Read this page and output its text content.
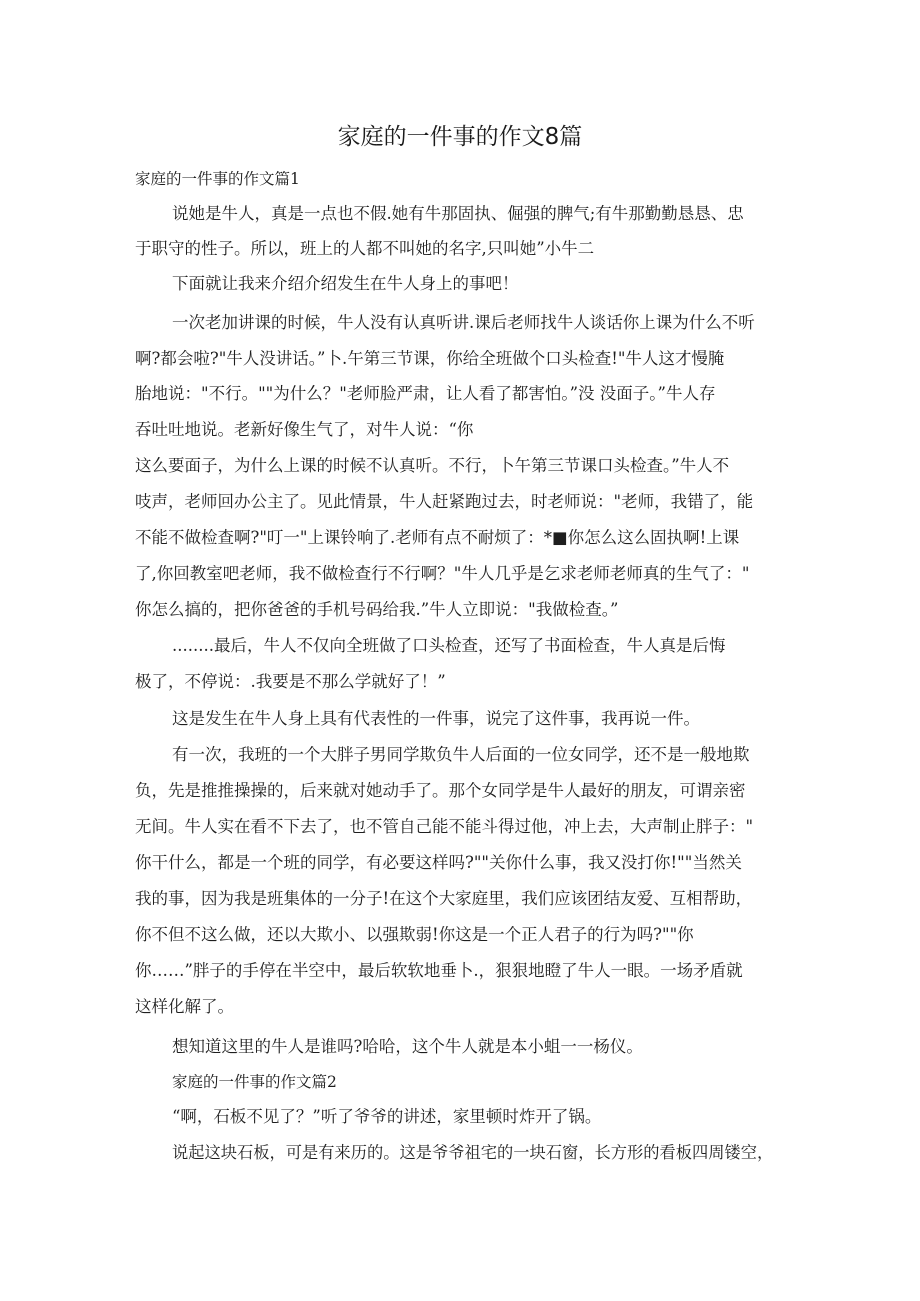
家庭的一件事的作文8篇

家庭的一件事的作文篇1

说她是牛人，真是一点也不假.她有牛那固执、倔强的脾气;有牛那勤勤恳恳、忠

于职守的性子。所以，班上的人都不叫她的名字,只叫她”小牛二

下面就让我来介绍介绍发生在牛人身上的事吧！

一次老加讲课的时候，牛人没有认真听讲.课后老师找牛人谈话你上课为什么不听

啊?都会啦?"牛人没讲话。”卜.午第三节课，你给全班做个口头检查!"牛人这才慢腌

胎地说："不行。""为什么？"老师脸严肃，让人看了都害怕。”没 没面子。”牛人存

吞吐吐地说。老新好像生气了，对牛人说：“你

这么要面子，为什么上课的时候不认真听。不行，卜午第三节课口头检查。”牛人不

吱声，老师回办公主了。见此情景，牛人赶紧跑过去，时老师说："老师，我错了，能

不能不做检查啊?"叮一"上课铃响了.老师有点不耐烦了：*■你怎么这么固执啊!上课

了,你回教室吧老师，我不做检查行不行啊？"牛人几乎是乞求老师老师真的生气了："

你怎么搞的，把你爸爸的手机号码给我.”牛人立即说："我做检查。”

........最后，牛人不仅向全班做了口头检查，还写了书面检查，牛人真是后悔

极了，不停说：.我要是不那么学就好了！”

这是发生在牛人身上具有代表性的一件事，说完了这件事，我再说一件。

有一次，我班的一个大胖子男同学欺负牛人后面的一位女同学，还不是一般地欺

负，先是推推操操的，后来就对她动手了。那个女同学是牛人最好的朋友，可谓亲密

无间。牛人实在看不下去了，也不管自己能不能斗得过他，冲上去，大声制止胖子："

你干什么，都是一个班的同学，有必要这样吗?""关你什么事，我又没打你!""当然关

我的事，因为我是班集体的一分子!在这个大家庭里，我们应该团结友爱、互相帮助，

你不但不这么做，还以大欺小、以强欺弱!你这是一个正人君子的行为吗?""你

你……”胖子的手停在半空中，最后软软地垂卜.，狠狠地瞪了牛人一眼。一场矛盾就

这样化解了。

想知道这里的牛人是谁吗?哈哈，这个牛人就是本小蛆一一杨仪。

家庭的一件事的作文篇2

“啊，石板不见了？”听了爷爷的讲述，家里顿时炸开了锅。

说起这块石板，可是有来历的。这是爷爷祖宅的一块石窗，长方形的看板四周镂空，
